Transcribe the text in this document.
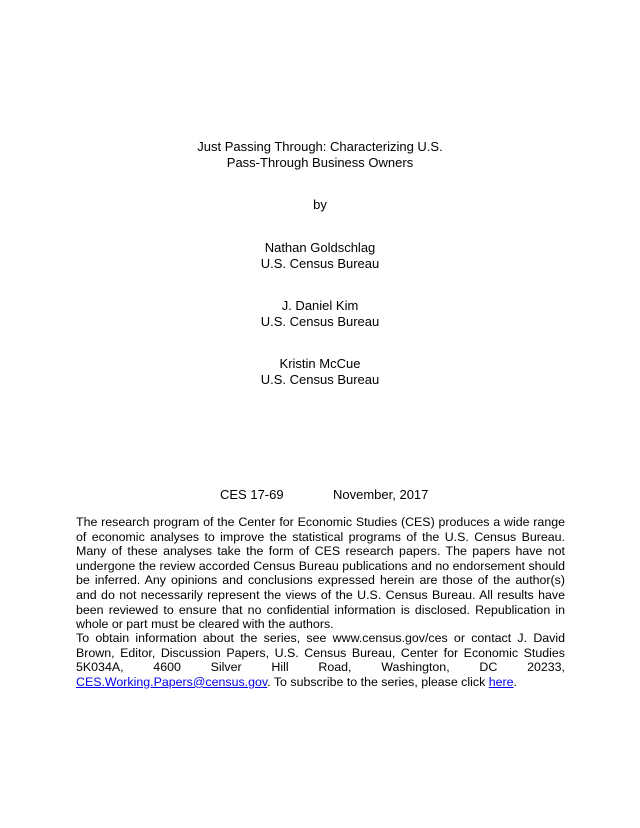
Just Passing Through: Characterizing U.S.
Pass-Through Business Owners
by
Nathan Goldschlag
U.S. Census Bureau
J. Daniel Kim
U.S. Census Bureau
Kristin McCue
U.S. Census Bureau
CES 17-69	November, 2017

The research program of the Center for Economic Studies (CES) produces a wide range of economic analyses to improve the statistical programs of the U.S. Census Bureau. Many of these analyses take the form of CES research papers. The papers have not undergone the review accorded Census Bureau publications and no endorsement should be inferred. Any opinions and conclusions expressed herein are those of the author(s) and do not necessarily represent the views of the U.S. Census Bureau. All results have been reviewed to ensure that no confidential information is disclosed. Republication in whole or part must be cleared with the authors.

To obtain information about the series, see www.census.gov/ces or contact J. David Brown, Editor, Discussion Papers, U.S. Census Bureau, Center for Economic Studies 5K034A, 4600 Silver Hill Road, Washington, DC 20233, CES.Working.Papers@census.gov. To subscribe to the series, please click here.
